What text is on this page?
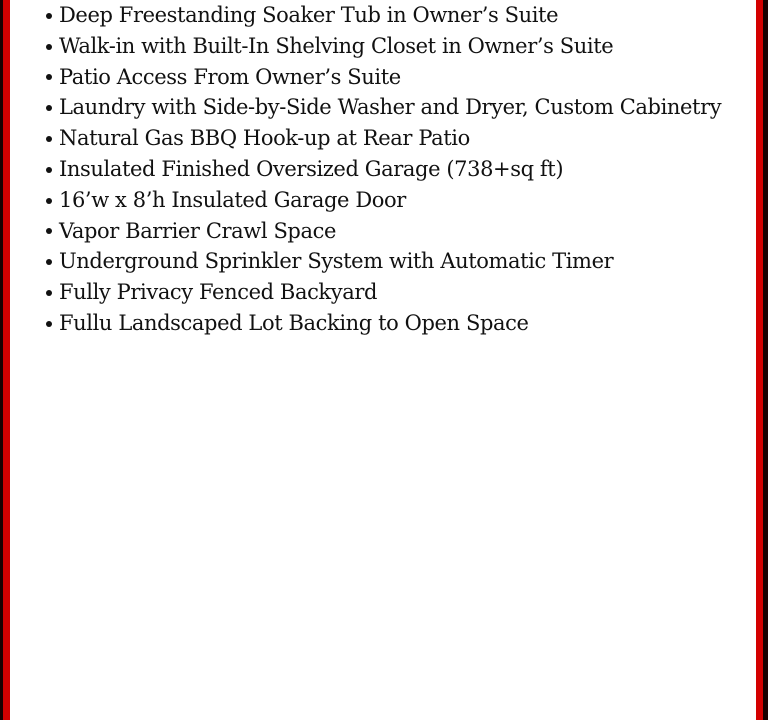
Deep Freestanding Soaker Tub in Owner’s Suite
Walk-in with Built-In Shelving Closet in Owner’s Suite
Patio Access From Owner’s Suite
Laundry with Side-by-Side Washer and Dryer, Custom Cabinetry
Natural Gas BBQ Hook-up at Rear Patio
Insulated Finished Oversized Garage (738+sq ft)
16’w x 8’h Insulated Garage Door
Vapor Barrier Crawl Space
Underground Sprinkler System with Automatic Timer
Fully Privacy Fenced Backyard
Fullu Landscaped Lot Backing to Open Space
